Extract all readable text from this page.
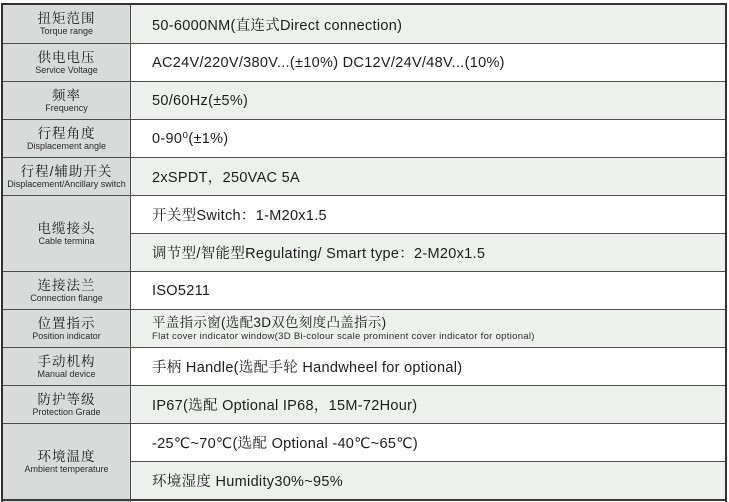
扭矩范围
Torque range
供电电压
Service Voltage
频率
Frequency
行程角度
Displacement angle
行程/辅助开关
Displacement/Ancillary switch
电缆接头
Cable termina
连接法兰
Connection flange
位置指示
Position indicator
手动机构
Manual device
防护等级
Protection Grade
环境温度
Ambient temperature
50-6000NM(直连式Direct connection)
AC24V/220V/380V...(±10%) DC12V/24V/48V...(10%)
50/60Hz(±5%)
0-90⁰(±1%)
2xSPDT，250VAC 5A
开关型Switch：1-M20x1.5
调节型/智能型Regulating/ Smart type：2-M20x1.5
ISO5211
平盖指示窗(选配3D双色刻度凸盖指示)
Flat cover indicator window(3D Bi-colour scale prominent cover indicator for optional)
手柄 Handle(选配手轮 Handwheel for optional)
IP67(选配 Optional IP68，15M-72Hour)
-25℃~70℃(选配 Optional -40℃~65℃)
环境湿度 Humidity30%~95%
